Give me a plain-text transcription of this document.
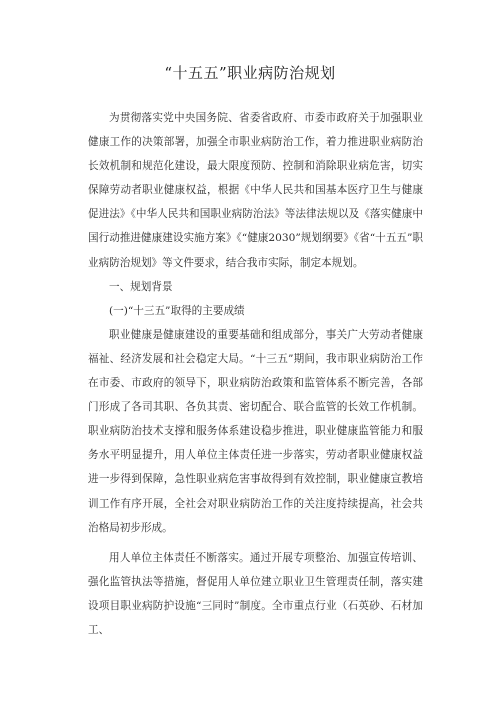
“十五五”职业病防治规划

为贯彻落实党中央国务院、省委省政府、市委市政府关于加强职业健康工作的决策部署，加强全市职业病防治工作，着力推进职业病防治长效机制和规范化建设，最大限度预防、控制和消除职业病危害，切实保障劳动者职业健康权益，根据《中华人民共和国基本医疗卫生与健康促进法》《中华人民共和国职业病防治法》等法律法规以及《落实健康中国行动推进健康建设实施方案》《“健康2030”规划纲要》《省“十五五”职业病防治规划》等文件要求，结合我市实际，制定本规划。

一、规划背景

(一)“十三五”取得的主要成绩

职业健康是健康建设的重要基础和组成部分，事关广大劳动者健康福祉、经济发展和社会稳定大局。“十三五”期间，我市职业病防治工作在市委、市政府的领导下，职业病防治政策和监管体系不断完善，各部门形成了各司其职、各负其责、密切配合、联合监管的长效工作机制。职业病防治技术支撑和服务体系建设稳步推进，职业健康监管能力和服务水平明显提升，用人单位主体责任进一步落实，劳动者职业健康权益进一步得到保障，急性职业病危害事故得到有效控制，职业健康宣教培训工作有序开展，全社会对职业病防治工作的关注度持续提高，社会共治格局初步形成。

用人单位主体责任不断落实。通过开展专项整治、加强宣传培训、强化监管执法等措施，督促用人单位建立职业卫生管理责任制，落实建设项目职业病防护设施“三同时”制度。全市重点行业（石英砂、石材加工、
